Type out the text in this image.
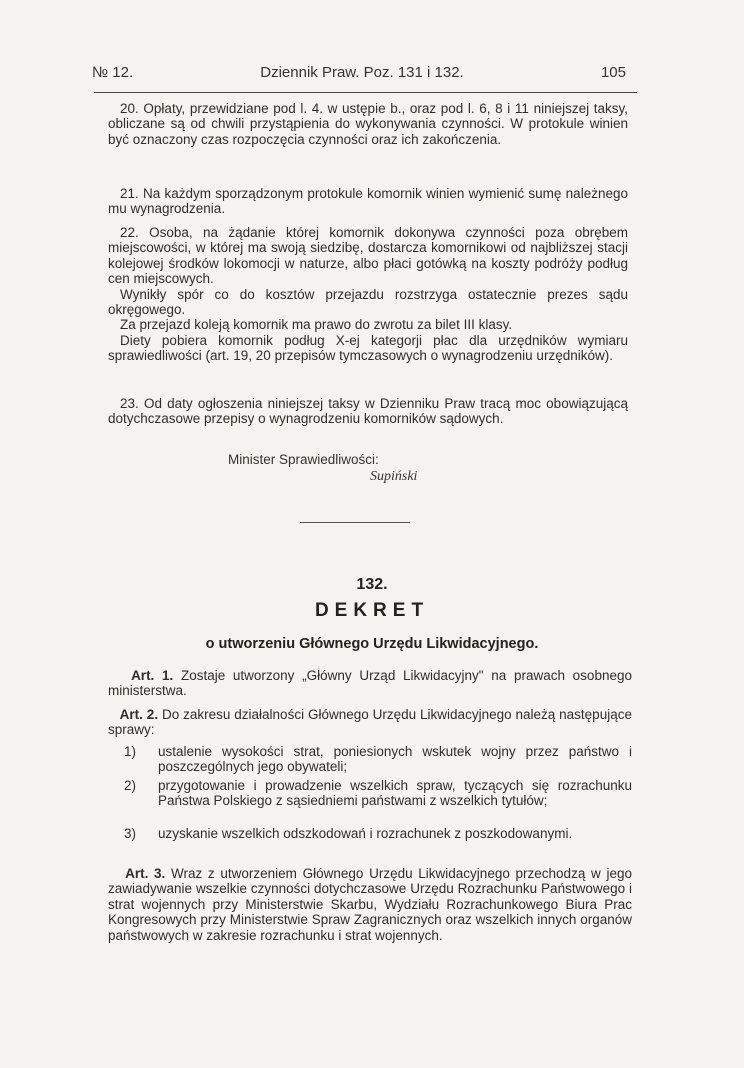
№ 12.	Dziennik Praw. Poz. 131 i 132.	105

20. Opłaty, przewidziane pod l. 4. w ustępie b., oraz pod l. 6, 8 i 11 niniejszej taksy, obliczane są od chwili przystąpienia do wykonywania czynności. W protokule winien być oznaczony czas rozpoczęcia czynności oraz ich zakończenia.

21. Na każdym sporządzonym protokule komornik winien wymienić sumę należnego mu wynagrodzenia.

22. Osoba, na żądanie której komornik dokonywa czynności poza obrębem miejscowości, w której ma swoją siedzibę, dostarcza komornikowi od najbliższej stacji kolejowej środków lokomocji w naturze, albo płaci gotówką na koszty podróży podług cen miejscowych.

Wynikły spór co do kosztów przejazdu rozstrzyga ostatecznie prezes sądu okręgowego.

Za przejazd koleją komornik ma prawo do zwrotu za bilet III klasy.

Diety pobiera komornik podług X-ej kategorji płac dla urzędników wymiaru sprawiedliwości (art. 19, 20 przepisów tymczasowych o wynagrodzeniu urzędników).

23. Od daty ogłoszenia niniejszej taksy w Dzienniku Praw tracą moc obowiązującą dotychczasowe przepisy o wynagrodzeniu komorników sądowych.

Minister Sprawiedliwości:
Supiński
132.
DEKRET
o utworzeniu Głównego Urzędu Likwidacyjnego.
Art. 1. Zostaje utworzony „Główny Urząd Likwidacyjny" na prawach osobnego ministerstwa.
Art. 2. Do zakresu działalności Głównego Urzędu Likwidacyjnego należą następujące sprawy:
1)	ustalenie wysokości strat, poniesionych wskutek wojny przez państwo i poszczególnych jego obywateli;
2)	przygotowanie i prowadzenie wszelkich spraw, tyczących się rozrachunku Państwa Polskiego z sąsiedniemi państwami z wszelkich tytułów;
3)	uzyskanie wszelkich odszkodowań i rozrachunek z poszkodowanymi.
Art. 3. Wraz z utworzeniem Głównego Urzędu Likwidacyjnego przechodzą w jego zawiadywanie wszelkie czynności dotychczasowe Urzędu Rozrachunku Państwowego i strat wojennych przy Ministerstwie Skarbu, Wydziału Rozrachunkowego Biura Prac Kongresowych przy Ministerstwie Spraw Zagranicznych oraz wszelkich innych organów państwowych w zakresie rozrachunku i strat wojennych.
